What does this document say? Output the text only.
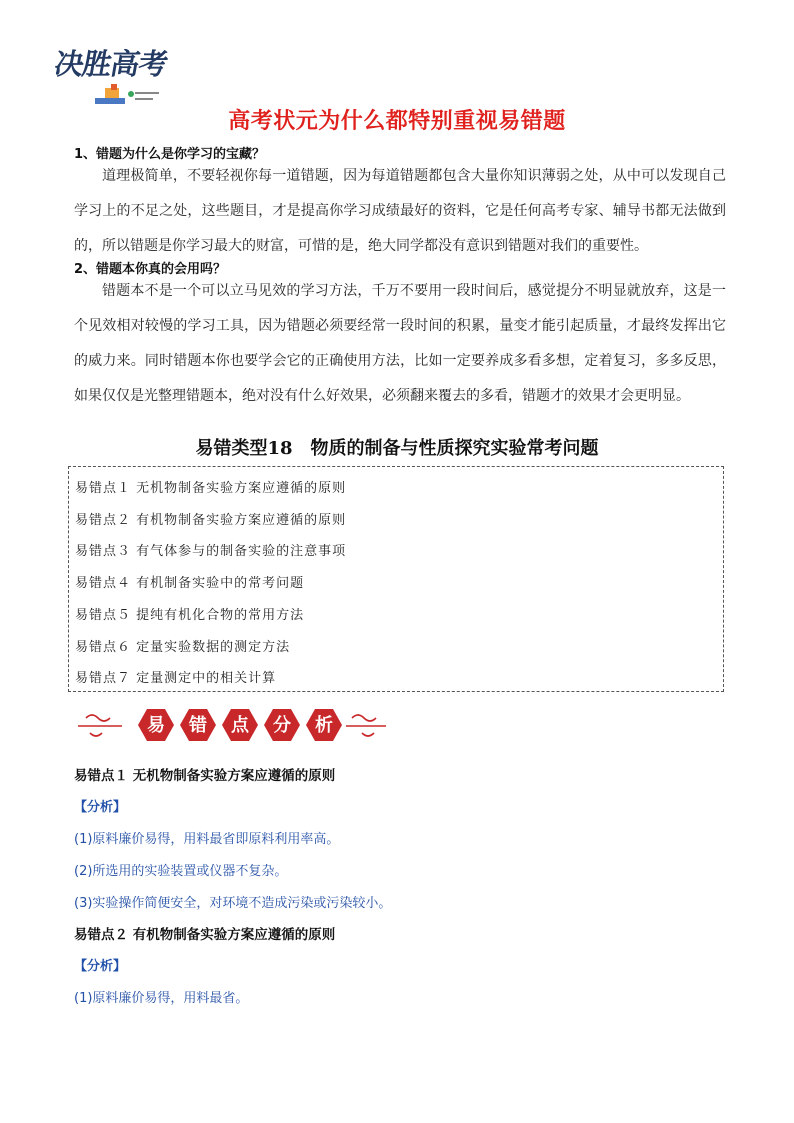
决胜高考
高考状元为什么都特别重视易错题
1、错题为什么是你学习的宝藏？
道理极简单，不要轻视你每一道错题，因为每道错题都包含大量你知识薄弱之处，从中可以发现自己学习上的不足之处，这些题目，才是提高你学习成绩最好的资料，它是任何高考专家、辅导书都无法做到的，所以错题是你学习最大的财富，可惜的是，绝大同学都没有意识到错题对我们的重要性。
2、错题本你真的会用吗？
错题本不是一个可以立马见效的学习方法，千万不要用一段时间后，感觉提分不明显就放弃，这是一个见效相对较慢的学习工具，因为错题必须要经常一段时间的积累，量变才能引起质量，才最终发挥出它的威力来。同时错题本你也要学会它的正确使用方法，比如一定要养成多看多想，定着复习，多多反思，如果仅仅是光整理错题本，绝对没有什么好效果，必须翻来覆去的多看，错题才的效果才会更明显。
易错类型18　物质的制备与性质探究实验常考问题
易错点１ 无机物制备实验方案应遵循的原则
易错点２ 有机物制备实验方案应遵循的原则
易错点３ 有气体参与的制备实验的注意事项
易错点４ 有机制备实验中的常考问题
易错点５ 提纯有机化合物的常用方法
易错点６ 定量实验数据的测定方法
易错点７ 定量测定中的相关计算
易 错 点 分 析
易错点１ 无机物制备实验方案应遵循的原则
【分析】
(1)原料廉价易得，用料最省即原料利用率高。
(2)所选用的实验装置或仪器不复杂。
(3)实验操作简便安全，对环境不造成污染或污染较小。
易错点２ 有机物制备实验方案应遵循的原则
【分析】
(1)原料廉价易得，用料最省。
